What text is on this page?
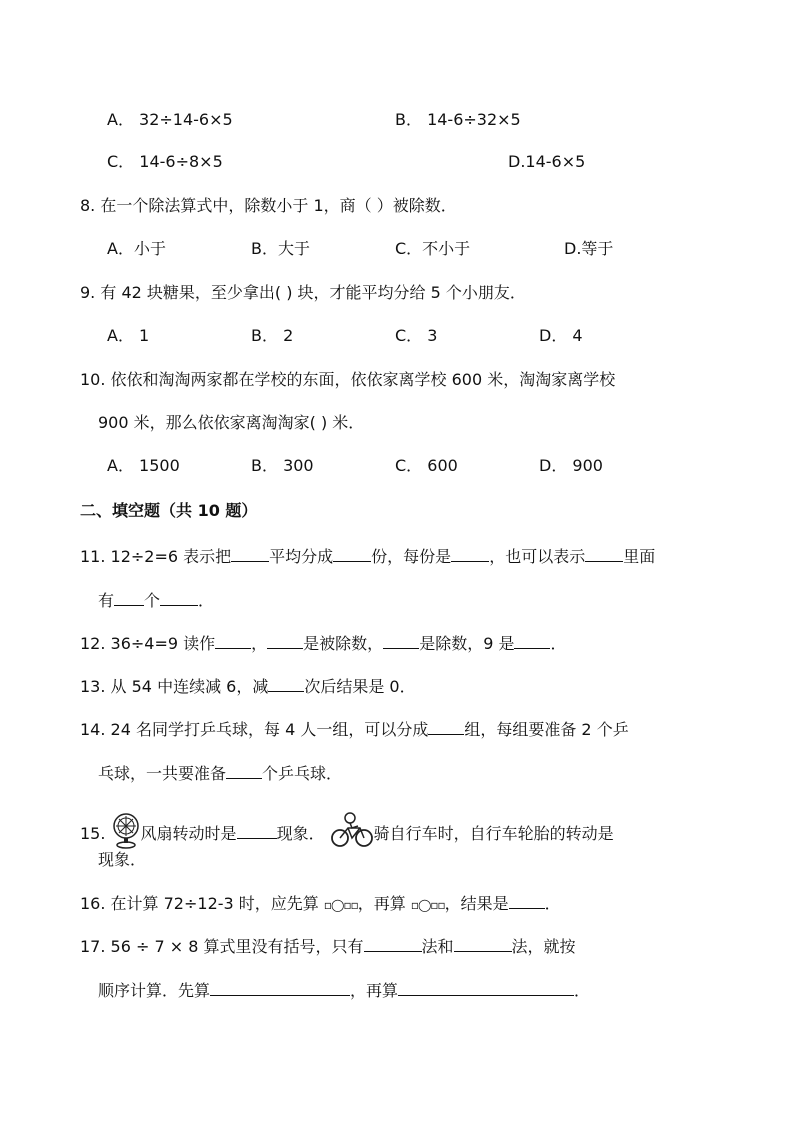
A． 32÷14-6×5	B． 14-6÷32×5
C． 14-6÷8×5	D.14-6×5
8. 在一个除法算式中，除数小于 1，商（ ）被除数．
A．小于	B．大于	C．不小于	D.等于
9. 有 42 块糖果，至少拿出( ) 块，才能平均分给 5 个小朋友．
A． 1	B． 2	C． 3	D． 4
10. 依依和淘淘两家都在学校的东面，依依家离学校 600 米，淘淘家离学校
900 米，那么依依家离淘淘家( ) 米．
A． 1500	B． 300	C． 600	D． 900
二、填空题（共 10 题）
11. 12÷2=6 表示把 平均分成 份，每份是 ，也可以表示 里面
有 个 ．
12. 36÷4=9 读作 ， 是被除数， 是除数，9 是 ．
13. 从 54 中连续减 6，减 次后结果是 0．
14. 24 名同学打乒乓球，每 4 人一组，可以分成 组，每组要准备 2 个乒
乓球，一共要准备 个乒乓球．
15. 风扇转动时是	现象．	骑自行车时，自行车轮胎的转动是
现象．
16. 在计算 72÷12-3 时，应先算 ▫◯▫▫，再算 ▫◯▫▫，结果是 ．
17. 56 ÷ 7 × 8 算式里没有括号，只有	法和	法，就按
顺序计算．先算	，再算	．
